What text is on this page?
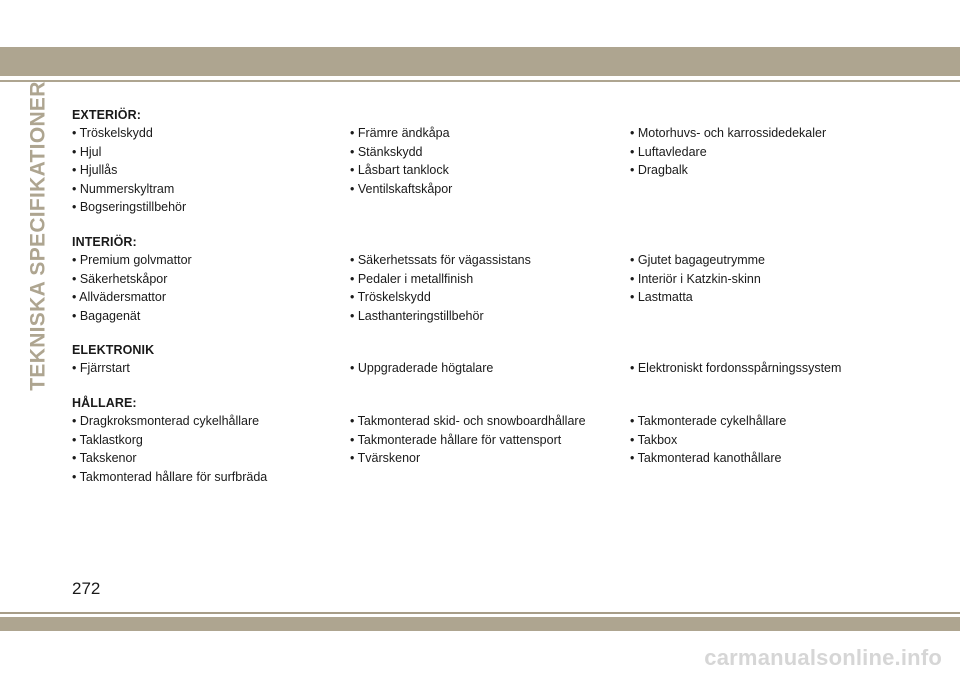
TEKNISKA SPECIFIKATIONER EXTERIÖR:
• Tröskelskydd
• Hjul
• Hjullås
• Nummerskyltram
• Bogseringstillbehör
• Främre ändkåpa
• Stänkskydd
• Låsbart tanklock
• Ventilskaftskåpor
• Motorhuvs- och karrossidedekaler
• Luftavledare
• Dragbalk
INTERIÖR:
• Premium golvmattor
• Säkerhetskåpor
• Allvädersmattor
• Bagagenät
• Säkerhetssats för vägassistans
• Pedaler i metallfinish
• Tröskelskydd
• Lasthanteringstillbehör
• Gjutet bagageutrymme
• Interiör i Katzkin-skinn
• Lastmatta
ELEKTRONIK
• Fjärrstart	• Uppgraderade högtalare	• Elektroniskt fordonsspårningssystem
HÅLLARE:
• Dragkroksmonterad cykelhållare
• Taklastkorg
• Takskenor
• Takmonterad hållare för surfbräda
• Takmonterad skid- och snowboardhållare
• Takmonterade hållare för vattensport
• Tvärskenor
• Takmonterade cykelhållare
• Takbox
• Takmonterad kanothållare
272
carmanualsonline.info
